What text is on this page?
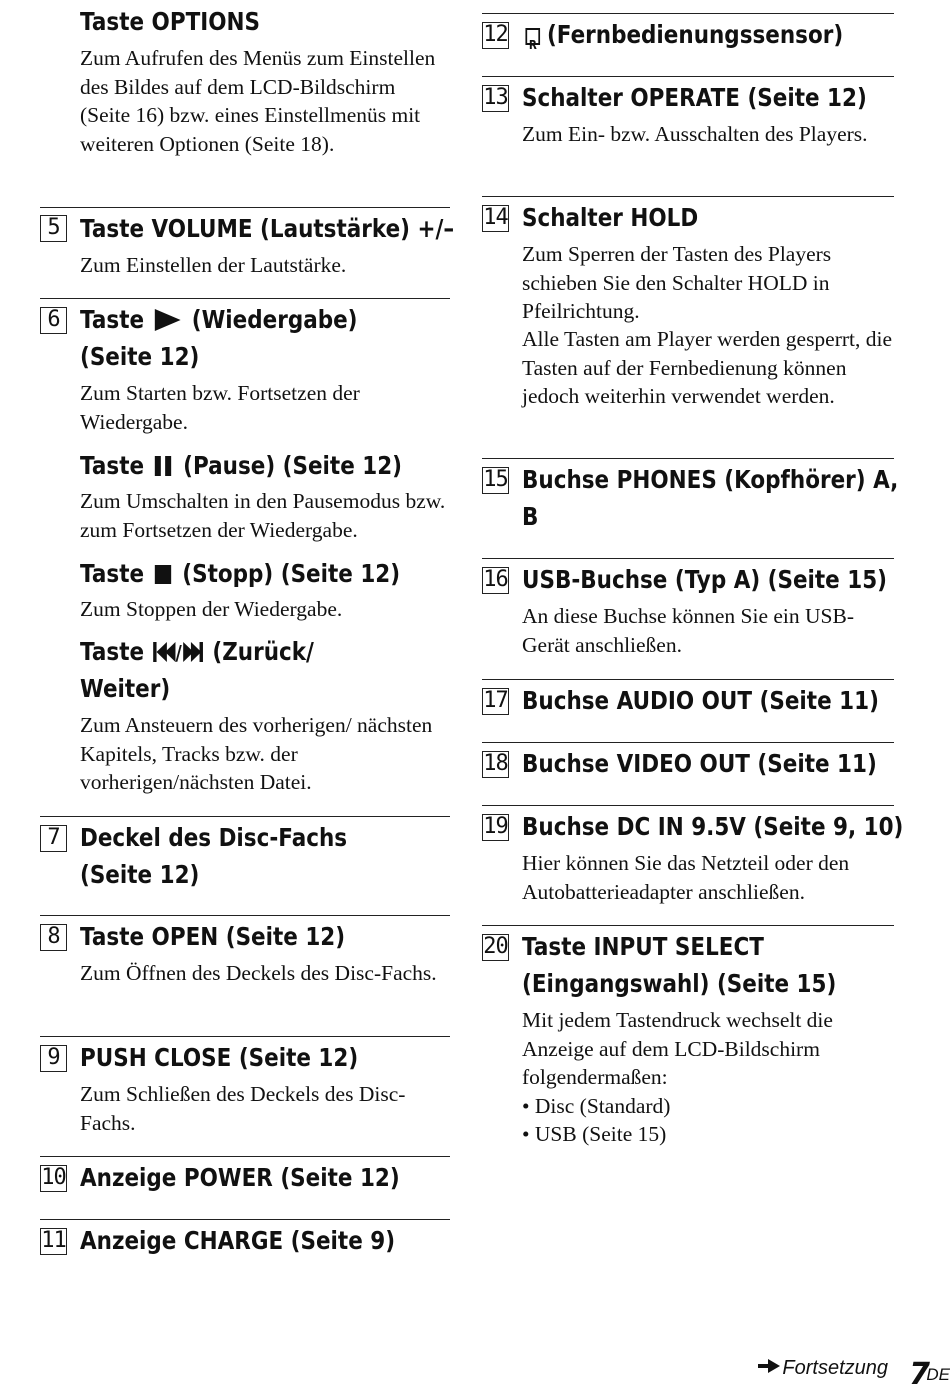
Taste OPTIONS
Zum Aufrufen des Menüs zum Einstellen des Bildes auf dem LCD-Bildschirm (Seite 16) bzw. eines Einstellmenüs mit weiteren Optionen (Seite 18).
5 Taste VOLUME (Lautstärke) +/–
Zum Einstellen der Lautstärke.
6 Taste (Wiedergabe)
(Seite 12)
Zum Starten bzw. Fortsetzen der Wiedergabe.
Taste (Pause) (Seite 12)
Zum Umschalten in den Pausemodus bzw. zum Fortsetzen der Wiedergabe.
Taste (Stopp) (Seite 12)
Zum Stoppen der Wiedergabe.
Taste / (Zurück/
Weiter)
Zum Ansteuern des vorherigen/ nächsten Kapitels, Tracks bzw. der vorherigen/nächsten Datei.
7 Deckel des Disc-Fachs
(Seite 12)
8 Taste OPEN (Seite 12)
Zum Öffnen des Deckels des Disc-Fachs.
9 PUSH CLOSE (Seite 12)
Zum Schließen des Deckels des Disc-Fachs.
10 Anzeige POWER (Seite 12)
11 Anzeige CHARGE (Seite 9)
12
R	(Fernbedienungssensor)
13 Schalter OPERATE (Seite 12)
Zum Ein- bzw. Ausschalten des Players.
14 Schalter HOLD
Zum Sperren der Tasten des Players schieben Sie den Schalter HOLD in Pfeilrichtung.
Alle Tasten am Player werden gesperrt, die Tasten auf der Fernbedienung können jedoch weiterhin verwendet werden.
15 Buchse PHONES (Kopfhörer) A,
B
16 USB-Buchse (Typ A) (Seite 15)
An diese Buchse können Sie ein USB-Gerät anschließen.
17 Buchse AUDIO OUT (Seite 11)
18 Buchse VIDEO OUT (Seite 11)
19 Buchse DC IN 9.5V (Seite 9, 10)
Hier können Sie das Netzteil oder den Autobatterieadapter anschließen.
20 Taste INPUT SELECT
(Eingangswahl) (Seite 15)
Mit jedem Tastendruck wechselt die Anzeige auf dem LCD-Bildschirm folgendermaßen:
• Disc (Standard)
• USB (Seite 15)
Fortsetzung 7
DE
